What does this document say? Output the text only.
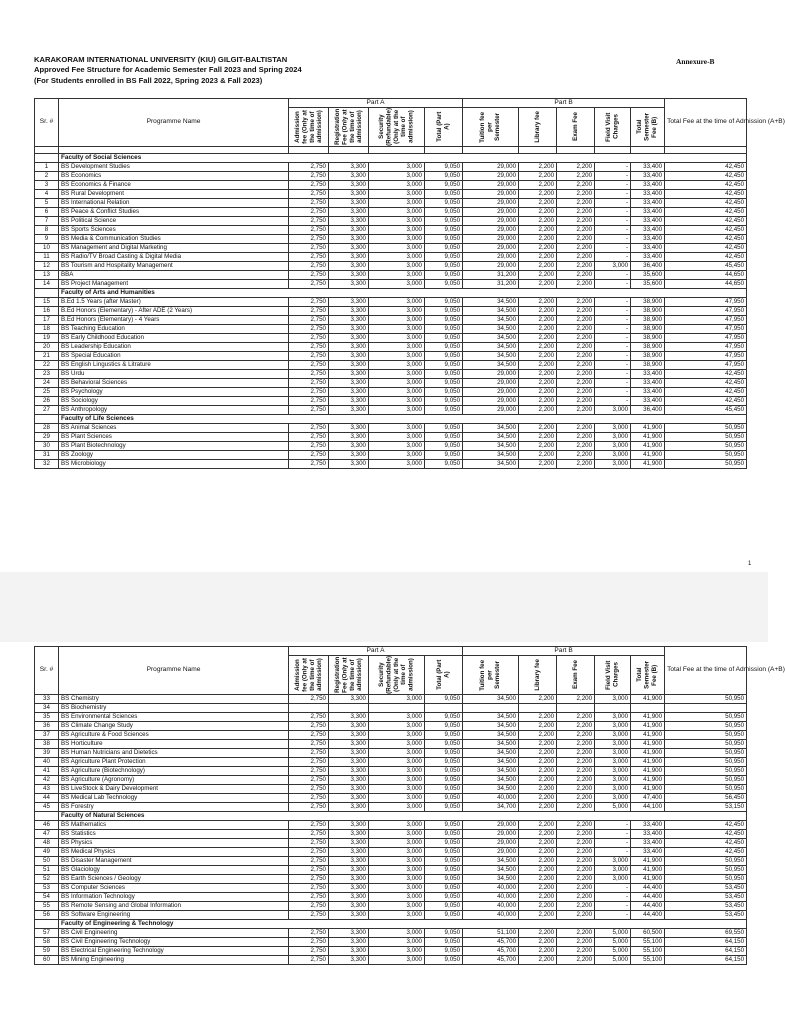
KARAKORAM INTERNATIONAL UNIVERSITY (KIU) GILGIT-BALTISTAN
Approved Fee Structure for Academic Semester Fall 2023 and Spring 2024
(For Students enrolled in BS Fall 2022, Spring 2023 & Fall 2023)
Annexure-B
Sr. #	Programme Name	Part A				Part B					Total Fee at the time of Admission (A+B)

		Admission fee (Only at the time of admission)	Registration Fee (Only at the time of admission)	Security (Refundable) (Only at the time of admission)	Total (Part A)	Tuition fee per Semester	Library fee	Exam Fee	Field Visit Charges	Total Semester Fee (B)	

	Faculty of Social Sciences										
1	BS Development Studies	2,750	3,300	3,000	9,050	29,000	2,200	2,200	-	33,400	42,450
2	BS Economics	2,750	3,300	3,000	9,050	29,000	2,200	2,200	-	33,400	42,450
3	BS Economics & Finance	2,750	3,300	3,000	9,050	29,000	2,200	2,200	-	33,400	42,450
4	BS Rural Development	2,750	3,300	3,000	9,050	29,000	2,200	2,200	-	33,400	42,450
5	BS International Relation	2,750	3,300	3,000	9,050	29,000	2,200	2,200	-	33,400	42,450
6	BS Peace & Conflict Studies	2,750	3,300	3,000	9,050	29,000	2,200	2,200	-	33,400	42,450
7	BS Political Science	2,750	3,300	3,000	9,050	29,000	2,200	2,200	-	33,400	42,450
8	BS Sports Sciences	2,750	3,300	3,000	9,050	29,000	2,200	2,200	-	33,400	42,450
9	BS Media & Communication Studies	2,750	3,300	3,000	9,050	29,000	2,200	2,200	-	33,400	42,450
10	BS Management and Digital Marketing	2,750	3,300	3,000	9,050	29,000	2,200	2,200	-	33,400	42,450
11	BS Radio/TV Broad Casting & Digital Media	2,750	3,300	3,000	9,050	29,000	2,200	2,200	-	33,400	42,450
12	BS Tourism and Hospitality Management	2,750	3,300	3,000	9,050	29,000	2,200	2,200	3,000	36,400	45,450
13	BBA	2,750	3,300	3,000	9,050	31,200	2,200	2,200	-	35,600	44,650
14	BS Project Management	2,750	3,300	3,000	9,050	31,200	2,200	2,200	-	35,600	44,650
	Faculty of Arts and Humanities										
15	B.Ed 1.5 Years (after Master)	2,750	3,300	3,000	9,050	34,500	2,200	2,200	-	38,900	47,950
16	B.Ed Honors (Elementary) - After ADE (2 Years)	2,750	3,300	3,000	9,050	34,500	2,200	2,200	-	38,900	47,950
17	B.Ed Honors (Elementary) - 4 Years	2,750	3,300	3,000	9,050	34,500	2,200	2,200	-	38,900	47,950
18	BS Teaching Education	2,750	3,300	3,000	9,050	34,500	2,200	2,200	-	38,900	47,950
19	BS Early Childhood Education	2,750	3,300	3,000	9,050	34,500	2,200	2,200	-	38,900	47,950
20	BS Leadership Education	2,750	3,300	3,000	9,050	34,500	2,200	2,200	-	38,900	47,950
21	BS Special Education	2,750	3,300	3,000	9,050	34,500	2,200	2,200	-	38,900	47,950
22	BS English Lingustics & Litrature	2,750	3,300	3,000	9,050	34,500	2,200	2,200	-	38,900	47,950
23	BS Urdu	2,750	3,300	3,000	9,050	29,000	2,200	2,200	-	33,400	42,450
24	BS Behavioral Sciences	2,750	3,300	3,000	9,050	29,000	2,200	2,200	-	33,400	42,450
25	BS Psychology	2,750	3,300	3,000	9,050	29,000	2,200	2,200	-	33,400	42,450
26	BS Sociology	2,750	3,300	3,000	9,050	29,000	2,200	2,200	-	33,400	42,450
27	BS Anthropology	2,750	3,300	3,000	9,050	29,000	2,200	2,200	3,000	36,400	45,450
	Faculty of Life Sciences										
28	BS Animal Sciences	2,750	3,300	3,000	9,050	34,500	2,200	2,200	3,000	41,900	50,950
29	BS Plant Sciences	2,750	3,300	3,000	9,050	34,500	2,200	2,200	3,000	41,900	50,950
30	BS Plant Biotechnology	2,750	3,300	3,000	9,050	34,500	2,200	2,200	3,000	41,900	50,950
31	BS Zoology	2,750	3,300	3,000	9,050	34,500	2,200	2,200	3,000	41,900	50,950
32	BS Microbiology	2,750	3,300	3,000	9,050	34,500	2,200	2,200	3,000	41,900	50,950
1
Sr. #	Programme Name	Part A				Part B					Total Fee at the time of Admission (A+B)

		Admission fee (Only at the time of admission)	Registration Fee (Only at the time of admission)	Security (Refundable) (Only at the time of admission)	Total (Part A)	Tuition fee per Semester	Library fee	Exam Fee	Field Visit Charges	Total Semester Fee (B)	

33	BS Chemistry	2,750	3,300	3,000	9,050	34,500	2,200	2,200	3,000	41,900	50,950
34	BS Biochemistry										
35	BS Environmental Sciences	2,750	3,300	3,000	9,050	34,500	2,200	2,200	3,000	41,900	50,950
36	BS Climate Change Study	2,750	3,300	3,000	9,050	34,500	2,200	2,200	3,000	41,900	50,950
37	BS Agriculture & Food Sciences	2,750	3,300	3,000	9,050	34,500	2,200	2,200	3,000	41,900	50,950
38	BS Horticulture	2,750	3,300	3,000	9,050	34,500	2,200	2,200	3,000	41,900	50,950
39	BS Human Nutricians and Dietetics	2,750	3,300	3,000	9,050	34,500	2,200	2,200	3,000	41,900	50,950
40	BS Agriculture Plant Protection	2,750	3,300	3,000	9,050	34,500	2,200	2,200	3,000	41,900	50,950
41	BS Agriculture (Biotechnology)	2,750	3,300	3,000	9,050	34,500	2,200	2,200	3,000	41,900	50,950
42	BS Agriculture (Agronomy)	2,750	3,300	3,000	9,050	34,500	2,200	2,200	3,000	41,900	50,950
43	BS LiveStock & Dairy Development	2,750	3,300	3,000	9,050	34,500	2,200	2,200	3,000	41,900	50,950
44	BS Medical Lab Technology	2,750	3,300	3,000	9,050	40,000	2,200	2,200	3,000	47,400	56,450
45	BS Forestry	2,750	3,300	3,000	9,050	34,700	2,200	2,200	5,000	44,100	53,150
	Faculty of Natural Sciences										
46	BS Mathematics	2,750	3,300	3,000	9,050	29,000	2,200	2,200	-	33,400	42,450
47	BS Statistics	2,750	3,300	3,000	9,050	29,000	2,200	2,200	-	33,400	42,450
48	BS Physics	2,750	3,300	3,000	9,050	29,000	2,200	2,200	-	33,400	42,450
49	BS Medical Physics	2,750	3,300	3,000	9,050	29,000	2,200	2,200	-	33,400	42,450
50	BS Disaster Management	2,750	3,300	3,000	9,050	34,500	2,200	2,200	3,000	41,900	50,950
51	BS Glaciology	2,750	3,300	3,000	9,050	34,500	2,200	2,200	3,000	41,900	50,950
52	BS Earth Sciences / Geology	2,750	3,300	3,000	9,050	34,500	2,200	2,200	3,000	41,900	50,950
53	BS Computer Sciences	2,750	3,300	3,000	9,050	40,000	2,200	2,200	-	44,400	53,450
54	BS Information Technology	2,750	3,300	3,000	9,050	40,000	2,200	2,200	-	44,400	53,450
55	BS Remote Sensing and Global Information	2,750	3,300	3,000	9,050	40,000	2,200	2,200	-	44,400	53,450
56	BS Software Engineering	2,750	3,300	3,000	9,050	40,000	2,200	2,200	-	44,400	53,450
	Faculty of Engineering & Technology										
57	BS Civil Engineering	2,750	3,300	3,000	9,050	51,100	2,200	2,200	5,000	60,500	69,550
58	BS Civil Engineering Technology	2,750	3,300	3,000	9,050	45,700	2,200	2,200	5,000	55,100	64,150
59	BS Electrical Engineering Technology	2,750	3,300	3,000	9,050	45,700	2,200	2,200	5,000	55,100	64,150
60	BS Mining Engineering	2,750	3,300	3,000	9,050	45,700	2,200	2,200	5,000	55,100	64,150
